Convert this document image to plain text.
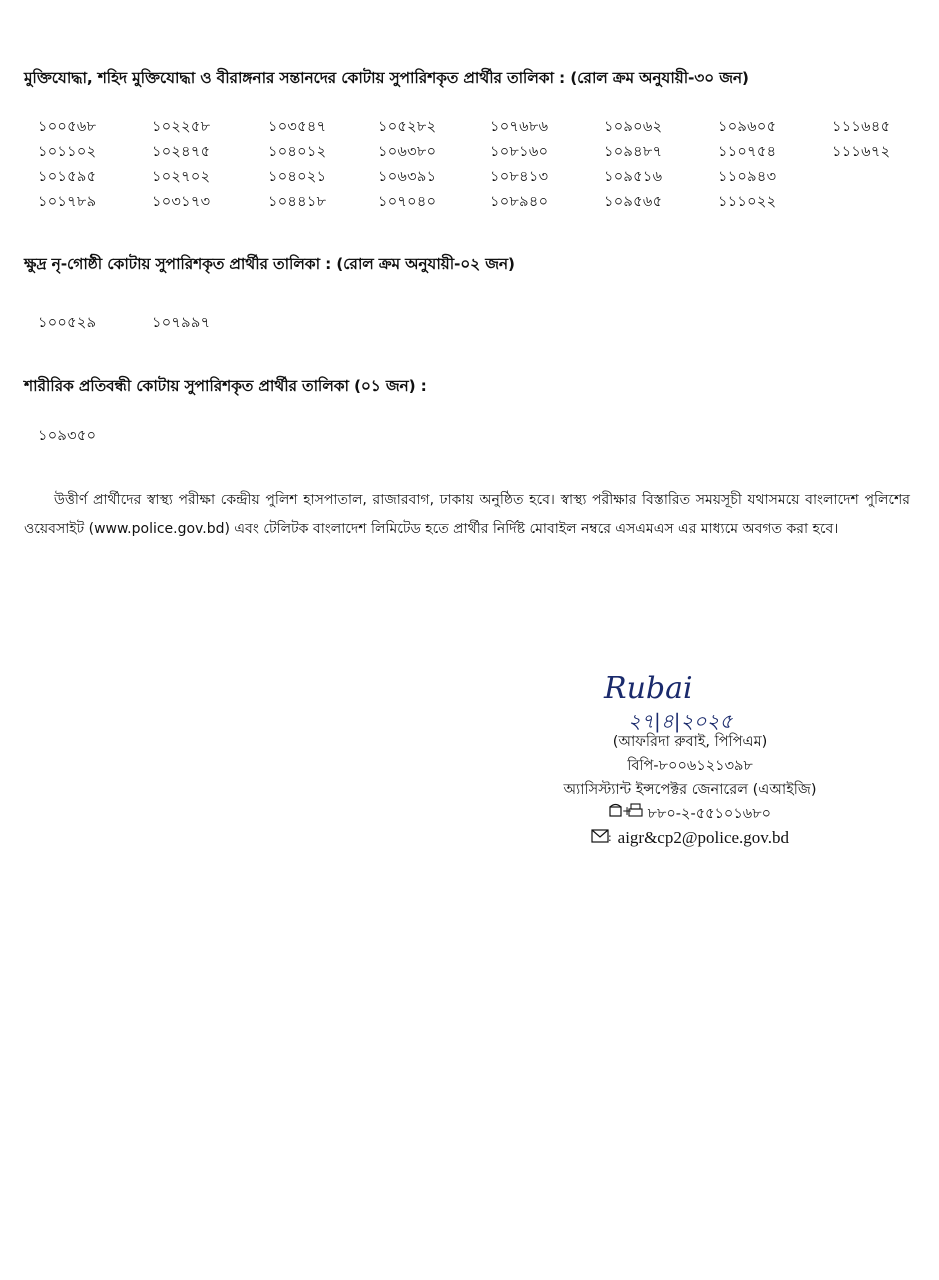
মুক্তিযোদ্ধা, শহিদ মুক্তিযোদ্ধা ও বীরাঙ্গনার সন্তানদের কোটায় সুপারিশকৃত প্রার্থীর তালিকা : (রোল ক্রম অনুযায়ী-৩০ জন)
১০০৫৬৮	১০২২৫৮	১০৩৫৪৭	১০৫২৮২	১০৭৬৮৬	১০৯০৬২	১০৯৬০৫	১১১৬৪৫
১০১১০২	১০২৪৭৫	১০৪০১২	১০৬৩৮০	১০৮১৬০	১০৯৪৮৭	১১০৭৫৪	১১১৬৭২
১০১৫৯৫	১০২৭০২	১০৪০২১	১০৬৩৯১	১০৮৪১৩	১০৯৫১৬	১১০৯৪৩
১০১৭৮৯	১০৩১৭৩	১০৪৪১৮	১০৭০৪০	১০৮৯৪০	১০৯৫৬৫	১১১০২২
ক্ষুদ্র নৃ-গোষ্ঠী কোটায় সুপারিশকৃত প্রার্থীর তালিকা : (রোল ক্রম অনুযায়ী-০২ জন)
১০০৫২৯	১০৭৯৯৭
শারীরিক প্রতিবন্ধী কোটায় সুপারিশকৃত প্রার্থীর তালিকা (০১ জন) :
১০৯৩৫০
উত্তীর্ণ প্রার্থীদের স্বাস্থ্য পরীক্ষা কেন্দ্রীয় পুলিশ হাসপাতাল, রাজারবাগ, ঢাকায় অনুষ্ঠিত হবে। স্বাস্থ্য পরীক্ষার বিস্তারিত সময়সূচী যথাসময়ে বাংলাদেশ পুলিশের ওয়েবসাইট (www.police.gov.bd) এবং টেলিটক বাংলাদেশ লিমিটেড হতে প্রার্থীর নির্দিষ্ট মোবাইল নম্বরে এসএমএস এর মাধ্যমে অবগত করা হবে।
Rubai
২৭|৪|২০২৫
(আফরিদা রুবাই, পিপিএম)
বিপি-৮০০৬১২১৩৯৮
অ্যাসিস্ট্যান্ট ইন্সপেক্টর জেনারেল (এআইজি)
+ ৮৮০-২-৫৫১০১৬৮০
: aigr&cp2@police.gov.bd
